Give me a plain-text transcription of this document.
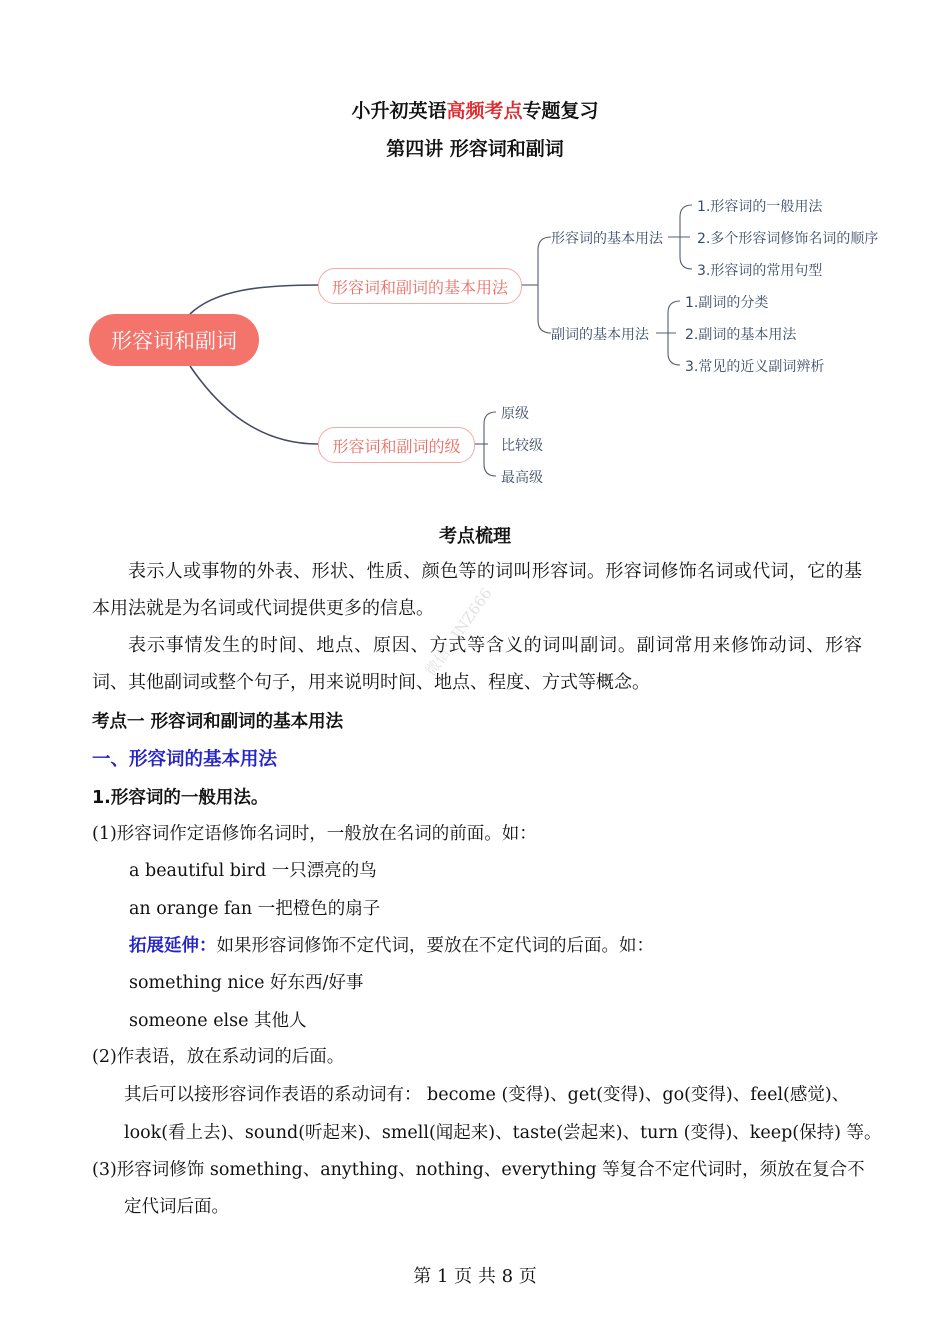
小升初英语高频考点专题复习
第四讲 形容词和副词
形容词和副词
形容词和副词的基本用法
形容词和副词的级
形容词的基本用法
副词的基本用法
1.形容词的一般用法
2.多个形容词修饰名词的顺序
3.形容词的常用句型
1.副词的分类
2.副词的基本用法
3.常见的近义副词辨析
原级
比较级
最高级
考点梳理
表示人或事物的外表、形状、性质、颜色等的词叫形容词。形容词修饰名词或代词，它的基本用法就是为名词或代词提供更多的信息。
表示事情发生的时间、地点、原因、方式等含义的词叫副词。副词常用来修饰动词、形容词、其他副词或整个句子，用来说明时间、地点、程度、方式等概念。
考点一 形容词和副词的基本用法
一、形容词的基本用法
1.形容词的一般用法。
(1)形容词作定语修饰名词时，一般放在名词的前面。如：
a beautiful bird 一只漂亮的鸟
an orange fan 一把橙色的扇子
拓展延伸：如果形容词修饰不定代词，要放在不定代词的后面。如：
something nice 好东西/好事
someone else 其他人
(2)作表语，放在系动词的后面。
其后可以接形容词作表语的系动词有： become (变得)、get(变得)、go(变得)、feel(感觉)、
look(看上去)、sound(听起来)、smell(闻起来)、taste(尝起来)、turn (变得)、keep(保持) 等。
(3)形容词修饰 something、anything、nothing、everything 等复合不定代词时，须放在复合不
定代词后面。
微信：JNZ666
第 1 页 共 8 页
